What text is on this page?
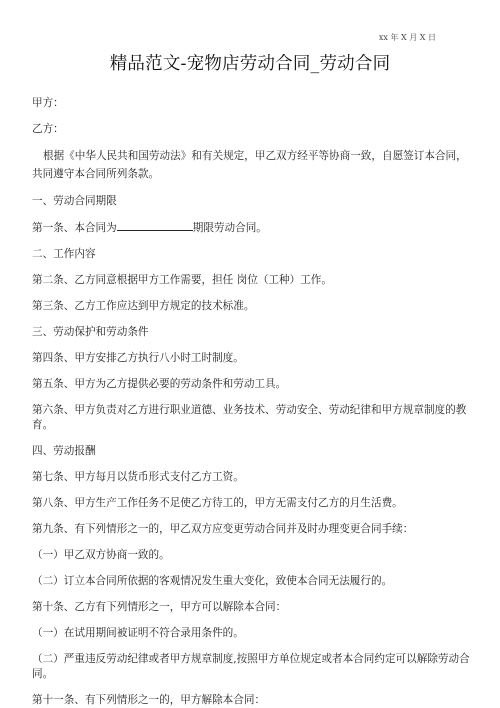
xx 年 X 月 X 日
精品范文-宠物店劳动合同_劳动合同

甲方：

乙方：

根据《中华人民共和国劳动法》和有关规定，甲乙双方经平等协商一致，自愿签订本合同，共同遵守本合同所列条款。

一、劳动合同期限

第一条、本合同为	期限劳动合同。

二、工作内容

第二条、乙方同意根据甲方工作需要，担任 岗位（工种）工作。

第三条、乙方工作应达到甲方规定的技术标准。

三、劳动保护和劳动条件

第四条、甲方安排乙方执行八小时工时制度。

第五条、甲方为乙方提供必要的劳动条件和劳动工具。

第六条、甲方负责对乙方进行职业道德、业务技术、劳动安全、劳动纪律和甲方规章制度的教育。

四、劳动报酬

第七条、甲方每月以货币形式支付乙方工资。

第八条、甲方生产工作任务不足使乙方待工的，甲方无需支付乙方的月生活费。

第九条、有下列情形之一的，甲乙双方应变更劳动合同并及时办理变更合同手续：

（一）甲乙双方协商一致的。

（二）订立本合同所依据的客观情况发生重大变化，致使本合同无法履行的。

第十条、乙方有下列情形之一，甲方可以解除本合同：

（一）在试用期间被证明不符合录用条件的。

（二）严重违反劳动纪律或者甲方规章制度,按照甲方单位规定或者本合同约定可以解除劳动合同。

第十一条、有下列情形之一的，甲方解除本合同：
